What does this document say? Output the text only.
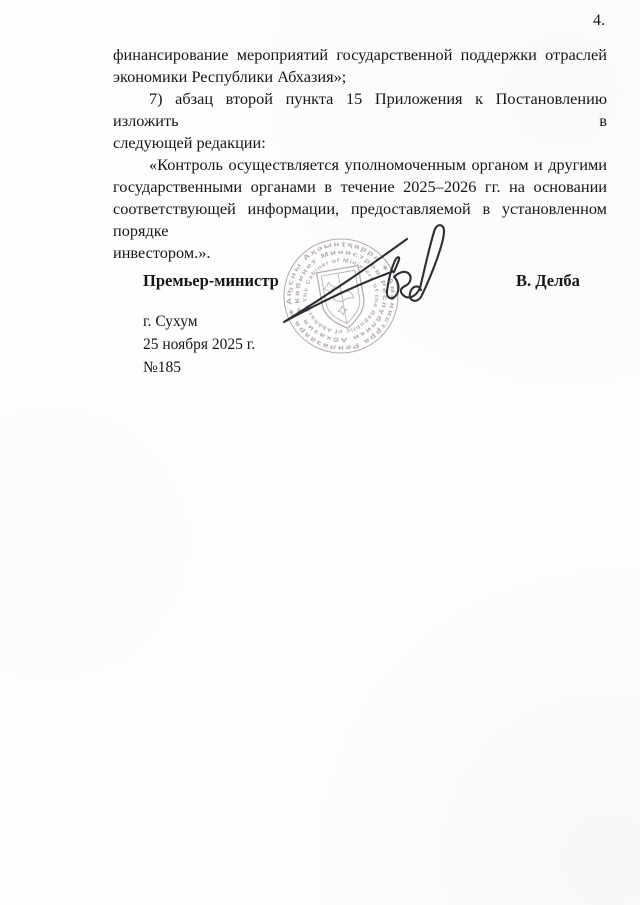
4.
финансирование мероприятий государственной поддержки отраслей
экономики Республики Абхазия»;
7) абзац второй пункта 15 Приложения к Постановлению изложить в
следующей редакции:
«Контроль осуществляется уполномоченным органом и другими
государственными органами в течение 2025–2026 гг. на основании
соответствующей информации, предоставляемой в установленном порядке
инвестором.».
Премьер-министр	В. Делба
г. Сухум
25 ноября 2025 г.
№185
Аҧсны Аҳәынҭқарра ✶ Аминистрра Реилазаара ✶
Кабинет Министров Республики Абхазия ✶
The Cabinet of Ministers of the Republic of Abkhazia
